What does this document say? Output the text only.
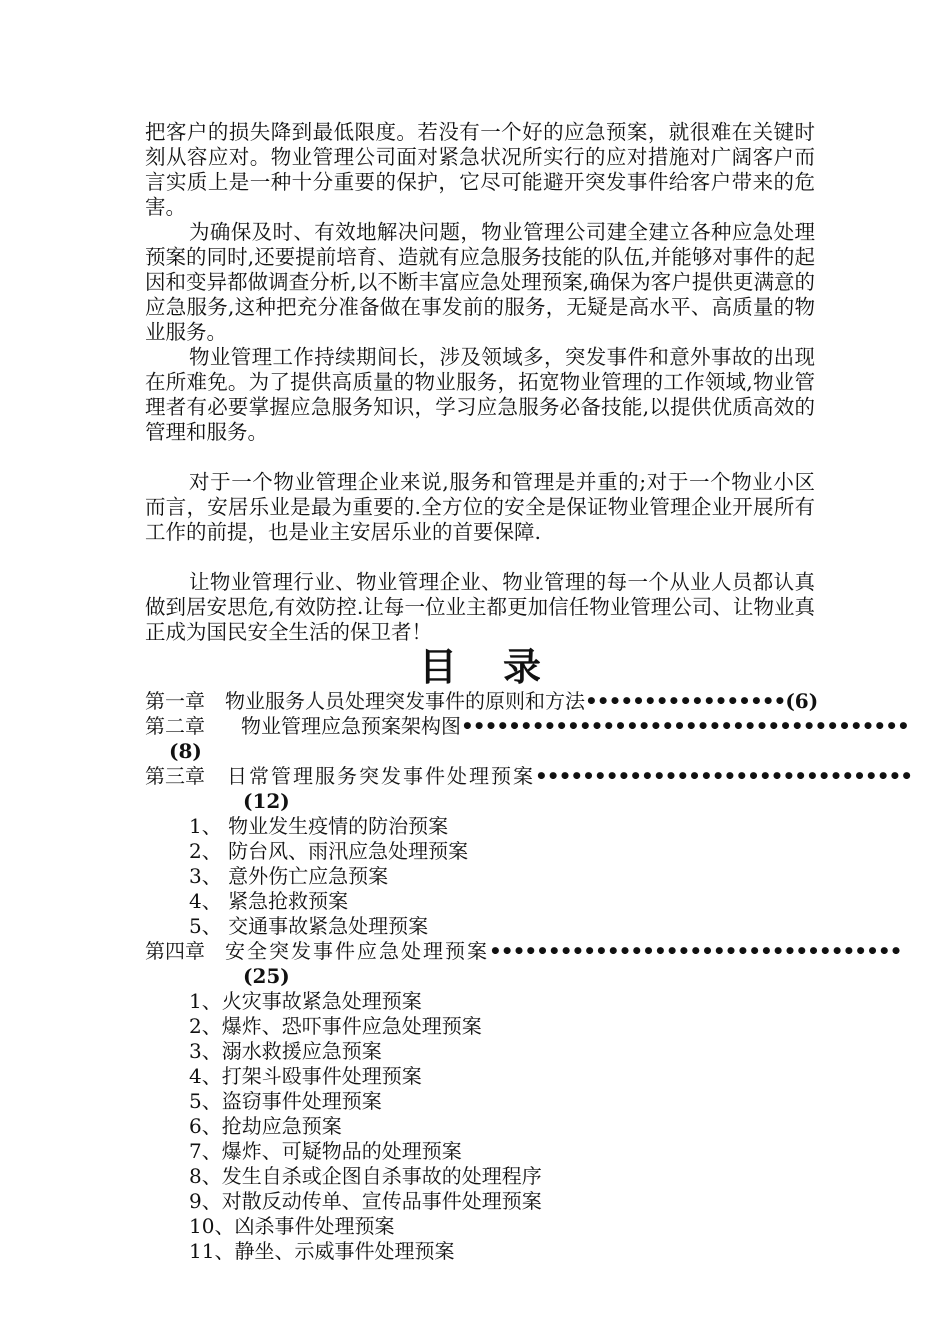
把客户的损失降到最低限度。若没有一个好的应急预案，就很难在关键时刻从容应对。物业管理公司面对紧急状况所实行的应对措施对广阔客户而言实质上是一种十分重要的保护，它尽可能避开突发事件给客户带来的危害。

为确保及时、有效地解决问题，物业管理公司建全建立各种应急处理预案的同时,还要提前培育、造就有应急服务技能的队伍,并能够对事件的起因和变异都做调查分析,以不断丰富应急处理预案,确保为客户提供更满意的应急服务,这种把充分准备做在事发前的服务，无疑是高水平、高质量的物业服务。

物业管理工作持续期间长，涉及领域多，突发事件和意外事故的出现在所难免。为了提供高质量的物业服务，拓宽物业管理的工作领域,物业管理者有必要掌握应急服务知识，学习应急服务必备技能,以提供优质高效的管理和服务。

对于一个物业管理企业来说,服务和管理是并重的;对于一个物业小区而言，安居乐业是最为重要的.全方位的安全是保证物业管理企业开展所有工作的前提，也是业主安居乐业的首要保障.

让物业管理行业、物业管理企业、物业管理的每一个从业人员都认真做到居安思危,有效防控.让每一位业主都更加信任物业管理公司、让物业真正成为国民安全生活的保卫者！

目录
第一章 物业服务人员处理突发事件的原则和方法 ••••••••••••••••• (6)
第二章 物业管理应急预案架构图 ••••••••••••••••••••••••••••••••••••••
(8)
第三章 日常管理服务突发事件处理预案 ••••••••••••••••••••••••••••••••
(12)
1、 物业发生疫情的防治预案
2、 防台风、雨汛应急处理预案
3、 意外伤亡应急预案
4、 紧急抢救预案
5、 交通事故紧急处理预案
第四章 安全突发事件应急处理预案 •••••••••••••••••••••••••••••••••••
(25)
1、火灾事故紧急处理预案
2、爆炸、恐吓事件应急处理预案
3、溺水救援应急预案
4、打架斗殴事件处理预案
5、盗窃事件处理预案
6、抢劫应急预案
7、爆炸、可疑物品的处理预案
8、发生自杀或企图自杀事故的处理程序
9、对散反动传单、宣传品事件处理预案
10、凶杀事件处理预案
11、静坐、示威事件处理预案
